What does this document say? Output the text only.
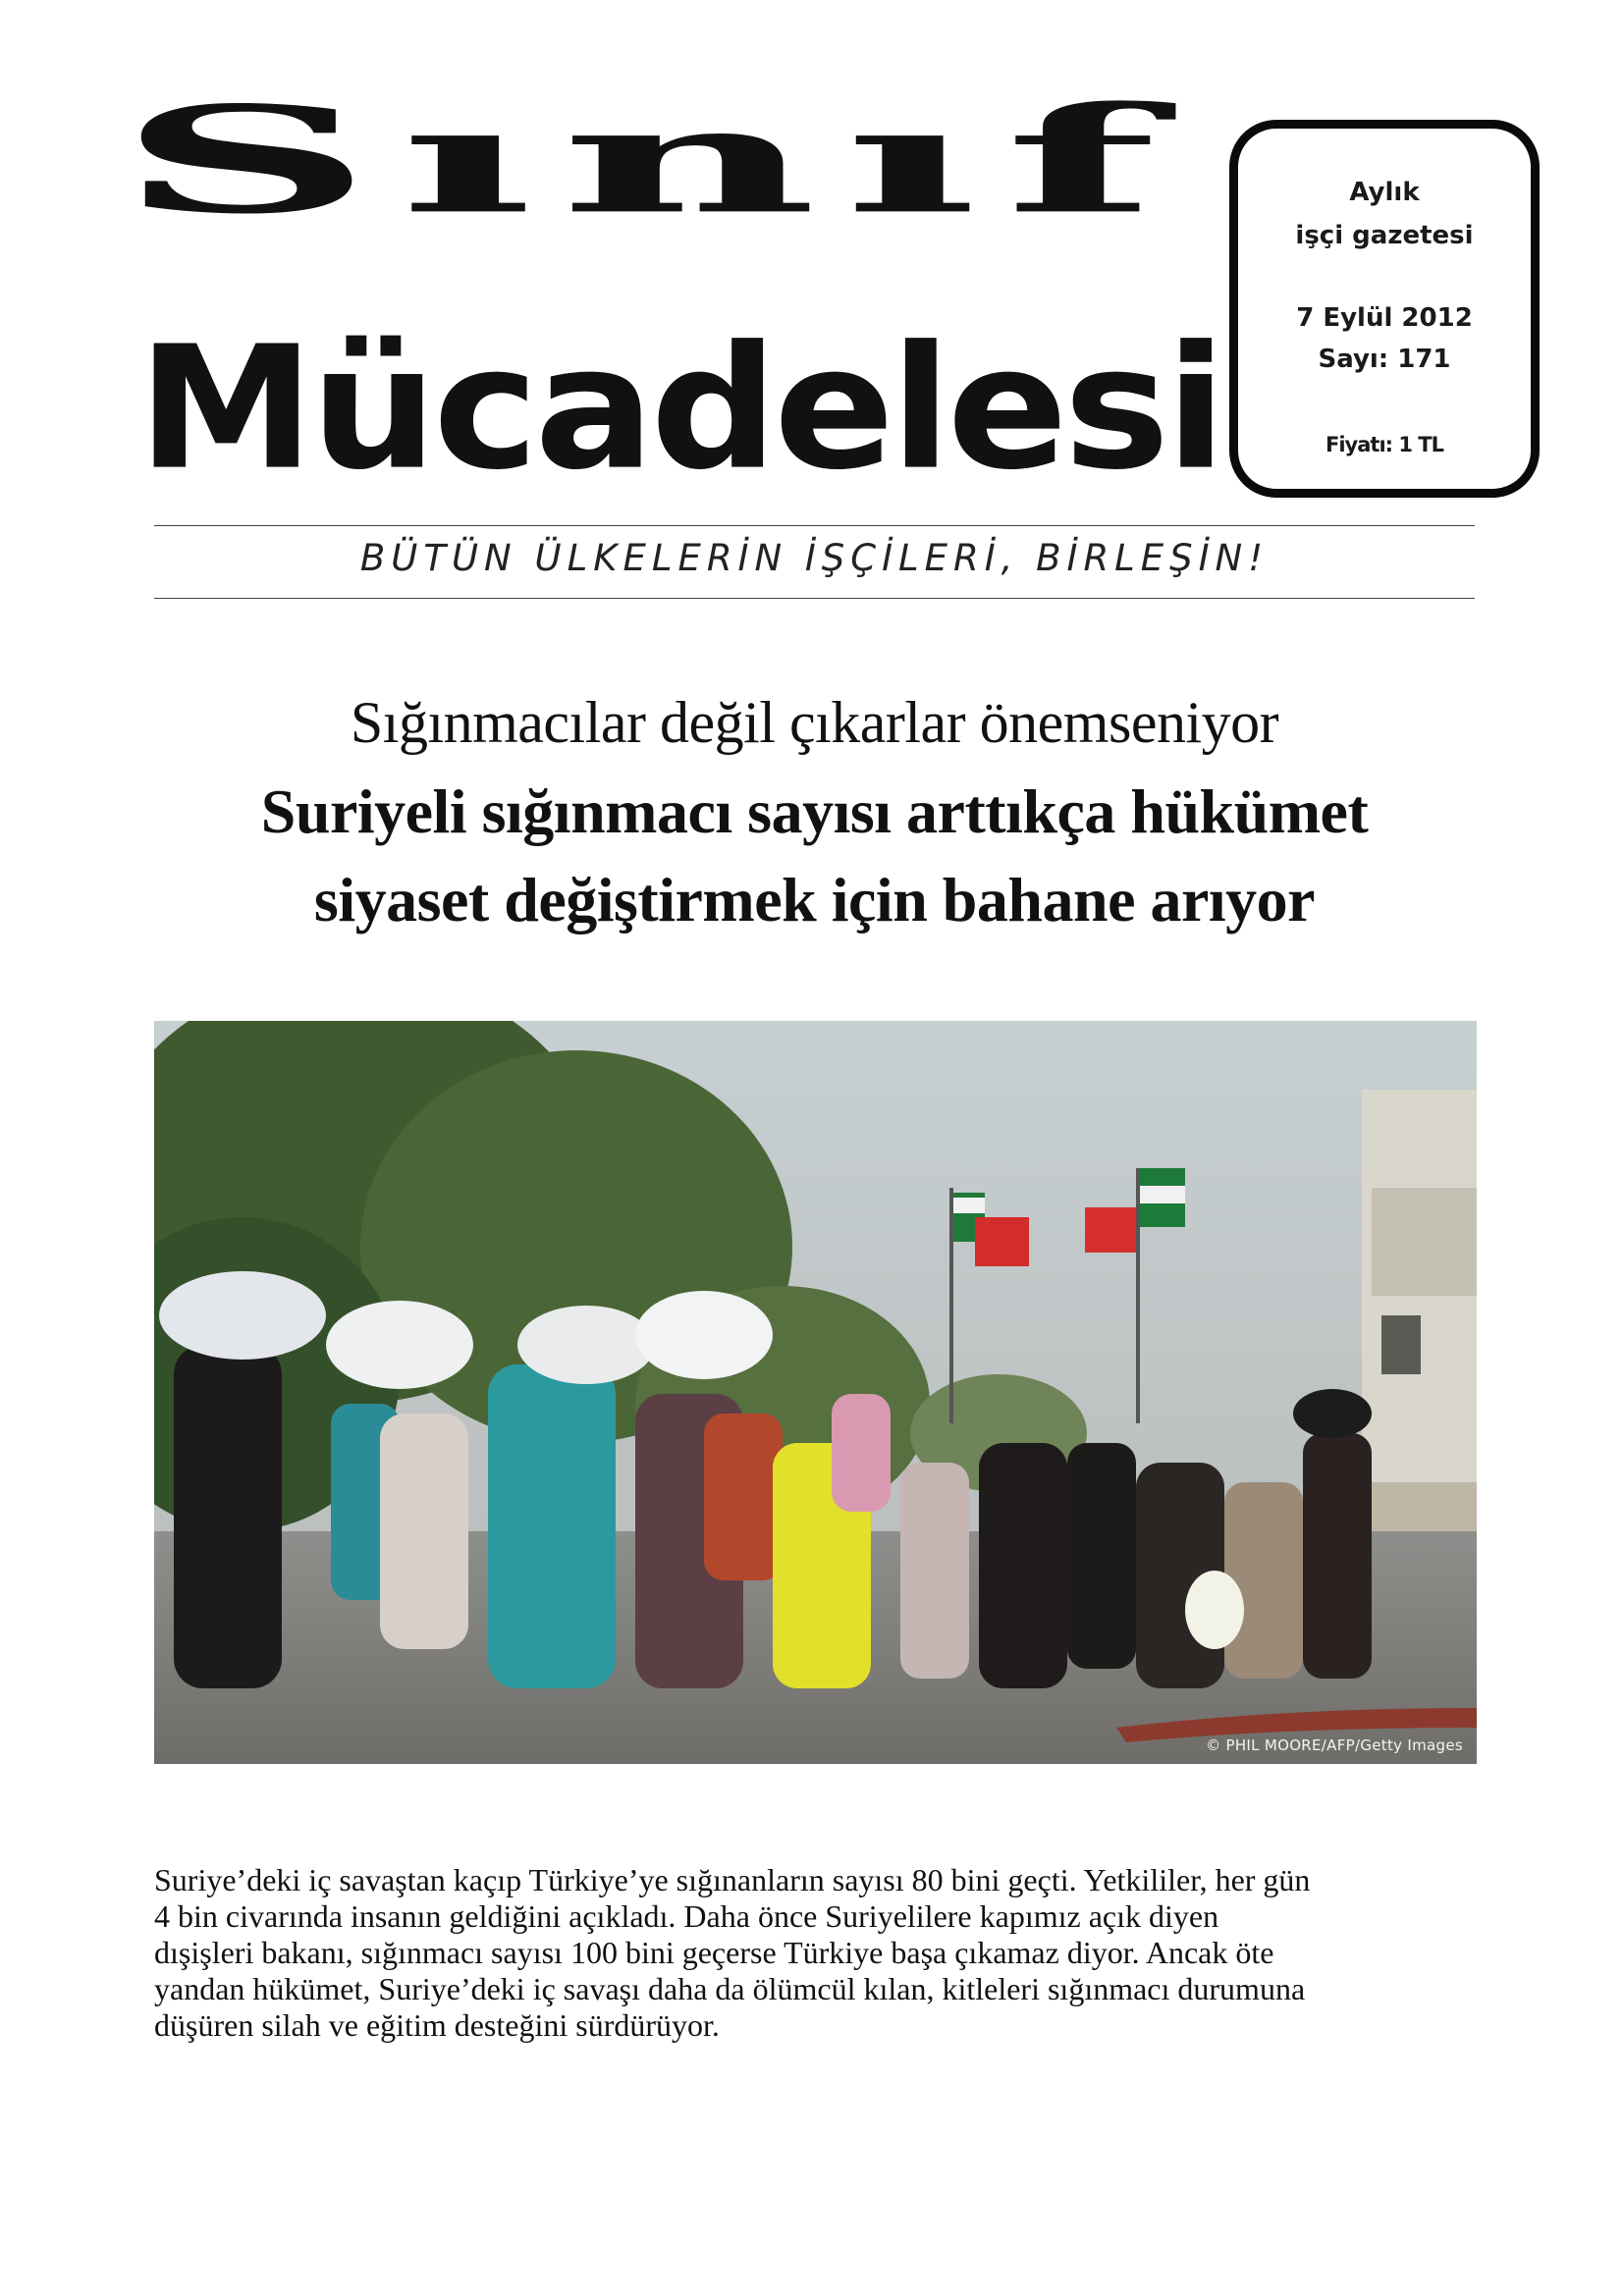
Sınıf
Mücadelesi
Aylık
işçi gazetesi
7 Eylül 2012
Sayı: 171
Fiyatı: 1 TL
BÜTÜN ÜLKELERİN İŞÇİLERİ, BİRLEŞİN!
Sığınmacılar değil çıkarlar önemseniyor
Suriyeli sığınmacı sayısı arttıkça hükümet
siyaset değiştirmek için bahane arıyor
© PHIL MOORE/AFP/Getty Images
Suriye’deki iç savaştan kaçıp Türkiye’ye sığınanların sayısı 80 bini geçti. Yetkililer, her gün
4 bin civarında insanın geldiğini açıkladı. Daha önce Suriyelilere kapımız açık diyen
dışişleri bakanı, sığınmacı sayısı 100 bini geçerse Türkiye başa çıkamaz diyor. Ancak öte
yandan hükümet, Suriye’deki iç savaşı daha da ölümcül kılan, kitleleri sığınmacı durumuna
düşüren silah ve eğitim desteğini sürdürüyor.
